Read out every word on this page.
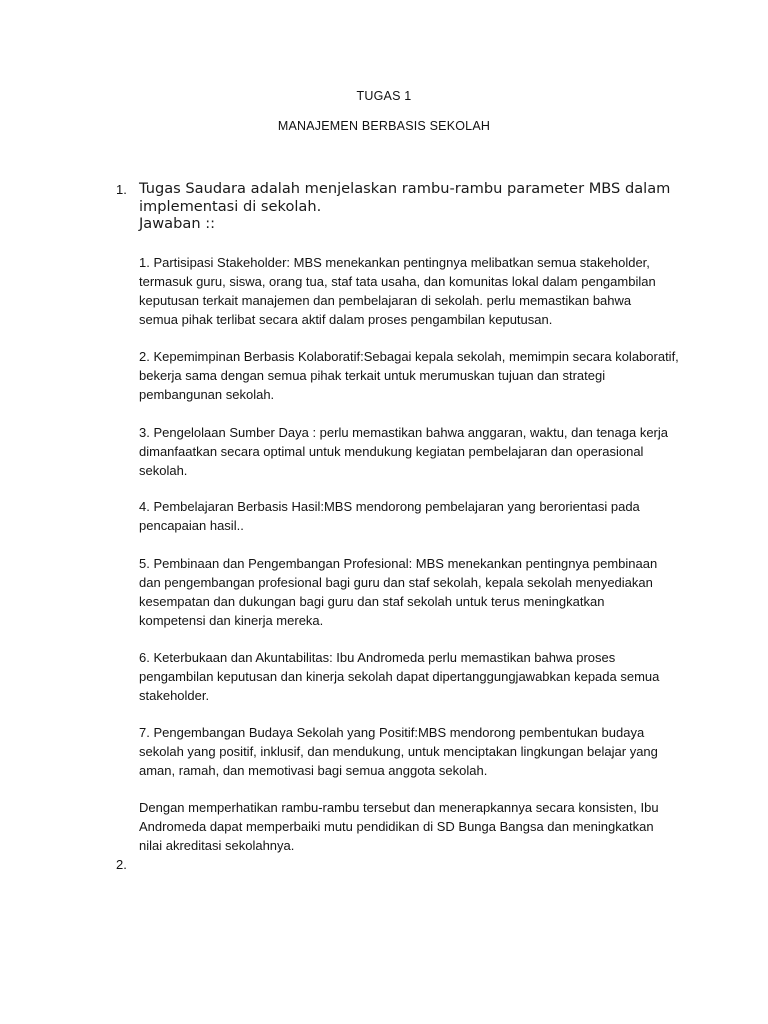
TUGAS 1
MANAJEMEN BERBASIS SEKOLAH
1. Tugas Saudara adalah menjelaskan rambu-rambu parameter MBS dalam
implementasi di sekolah.
Jawaban ::

1. Partisipasi Stakeholder: MBS menekankan pentingnya melibatkan semua stakeholder,

termasuk guru, siswa, orang tua, staf tata usaha, dan komunitas lokal dalam pengambilan

keputusan terkait manajemen dan pembelajaran di sekolah. perlu memastikan bahwa

semua pihak terlibat secara aktif dalam proses pengambilan keputusan.

2. Kepemimpinan Berbasis Kolaboratif:Sebagai kepala sekolah, memimpin secara kolaboratif,

bekerja sama dengan semua pihak terkait untuk merumuskan tujuan dan strategi

pembangunan sekolah.

3. Pengelolaan Sumber Daya : perlu memastikan bahwa anggaran, waktu, dan tenaga kerja

dimanfaatkan secara optimal untuk mendukung kegiatan pembelajaran dan operasional

sekolah.

4. Pembelajaran Berbasis Hasil:MBS mendorong pembelajaran yang berorientasi pada

pencapaian hasil..

5. Pembinaan dan Pengembangan Profesional: MBS menekankan pentingnya pembinaan

dan pengembangan profesional bagi guru dan staf sekolah, kepala sekolah menyediakan

kesempatan dan dukungan bagi guru dan staf sekolah untuk terus meningkatkan

kompetensi dan kinerja mereka.

6. Keterbukaan dan Akuntabilitas: Ibu Andromeda perlu memastikan bahwa proses

pengambilan keputusan dan kinerja sekolah dapat dipertanggungjawabkan kepada semua

stakeholder.

7. Pengembangan Budaya Sekolah yang Positif:MBS mendorong pembentukan budaya

sekolah yang positif, inklusif, dan mendukung, untuk menciptakan lingkungan belajar yang

aman, ramah, dan memotivasi bagi semua anggota sekolah.

Dengan memperhatikan rambu-rambu tersebut dan menerapkannya secara konsisten, Ibu

Andromeda dapat memperbaiki mutu pendidikan di SD Bunga Bangsa dan meningkatkan

nilai akreditasi sekolahnya.

2.
